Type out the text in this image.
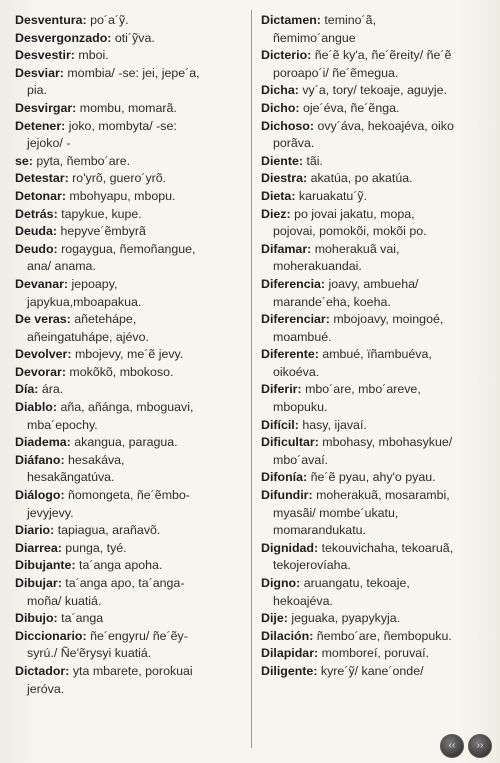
Desventura: po´a´ỹ.
Desvergonzado: oti´ỹva.
Desvestir: mboi.
Desviar: mombia/ -se: jei, jepe´a,
pia.
Desvirgar: mombu, momarã.
Detener: joko, mombyta/ -se:
jejoko/ -
se: pyta, ñembo´are.
Detestar: ro'yrõ, guero´yrõ.
Detonar: mbohyapu, mbopu.
Detrás: tapykue, kupe.
Deuda: hepyve´ẽmbyrã
Deudo: rogaygua, ñemoñangue,
ana/ anama.
Devanar: jepoapy,
japykua,mboapakua.
De veras: añetehápe,
añeingatuhápe, ajévo.
Devolver: mbojevy, me´ẽ jevy.
Devorar: mokõkõ, mbokoso.
Día: ára.
Diablo: aña, añánga, mboguavi,
mba´epochy.
Diadema: akangua, paragua.
Diáfano: hesakáva,
hesakãngatúva.
Diálogo: ñomongeta, ñe´ẽmbo-
jevyjevy.
Diario: tapiagua, arañavõ.
Diarrea: punga, tyé.
Dibujante: ta´anga apoha.
Dibujar: ta´anga apo, ta´anga-
moña/ kuatiá.
Dibujo: ta´anga
Diccionario: ñe´engyru/ ñe´ẽy-
syrú./ Ñe'ẽrysyi kuatiá.
Dictador: yta mbarete, porokuai
jeróva.
Dictamen: temino´ã,
ñemimo´angue
Dicterio: ñe´ẽ ky'a, ñe´ẽreity/ ñe´ẽ
poroapo´i/ ñe´ẽmegua.
Dicha: vy´a, tory/ tekoaje, aguyje.
Dicho: oje´éva, ñe´ẽnga.
Dichoso: ovy´áva, hekoajéva, oiko
porãva.
Diente: tãi.
Diestra: akatúa, po akatúa.
Dieta: karuakatu´ỹ.
Diez: po jovai jakatu, mopa,
pojovai, pomokõi, mokõi po.
Difamar: moherakuã vai,
moherakuandai.
Diferencia: joavy, ambueha/
marande´eha, koeha.
Diferenciar: mbojoavy, moingoé,
moambué.
Diferente: ambué, ïñambuéva,
oikoéva.
Diferir: mbo´are, mbo´areve,
mbopuku.
Difícil: hasy, ijavaí.
Dificultar: mbohasy, mbohasykue/
mbo´avaí.
Difonía: ñe´ẽ pyau, ahy'o pyau.
Difundir: moherakuã, mosarambi,
myasãi/ mombe´ukatu,
momarandukatu.
Dignidad: tekouvichaha, tekoaruã,
tekojerovíaha.
Digno: aruangatu, tekoaje,
hekoajéva.
Dije: jeguaka, pyapykyja.
Dilación: ñembo´are, ñembopuku.
Dilapidar: momboreí, poruvaí.
Diligente: kyre´ỹ/ kane´onde/
‹‹ ››
